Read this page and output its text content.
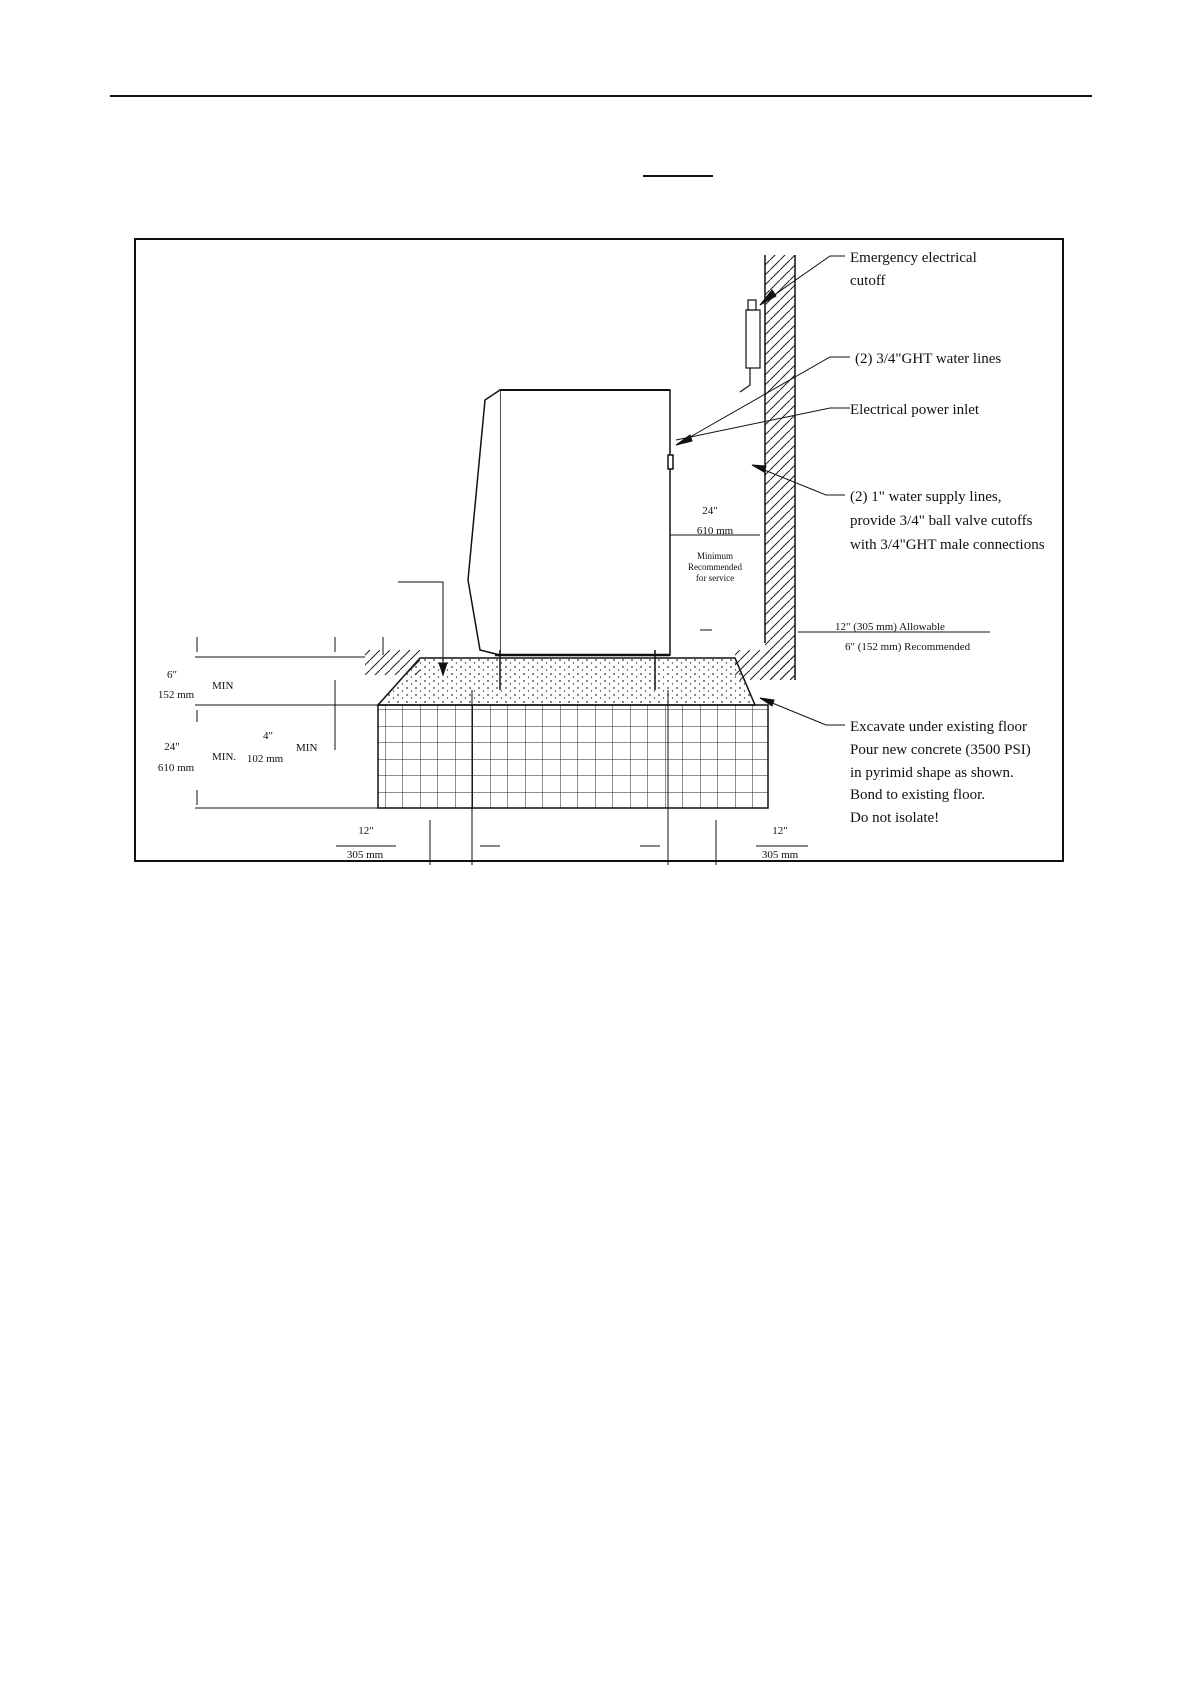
Emergency electrical
cutoff
(2) 3/4"GHT water lines
Electrical power inlet
(2) 1" water supply lines,
provide 3/4" ball valve cutoffs
with 3/4"GHT male connections
12" (305 mm) Allowable
6" (152 mm) Recommended
Excavate under existing floor
Pour new concrete (3500 PSI)
in pyrimid shape as shown.
Bond to existing floor.
Do not isolate!
24"
610 mm
Minimum
Recommended
for service
6"
152 mm
MIN
24"
610 mm
MIN.
4"
102 mm
MIN
12"
305 mm
12"
305 mm
